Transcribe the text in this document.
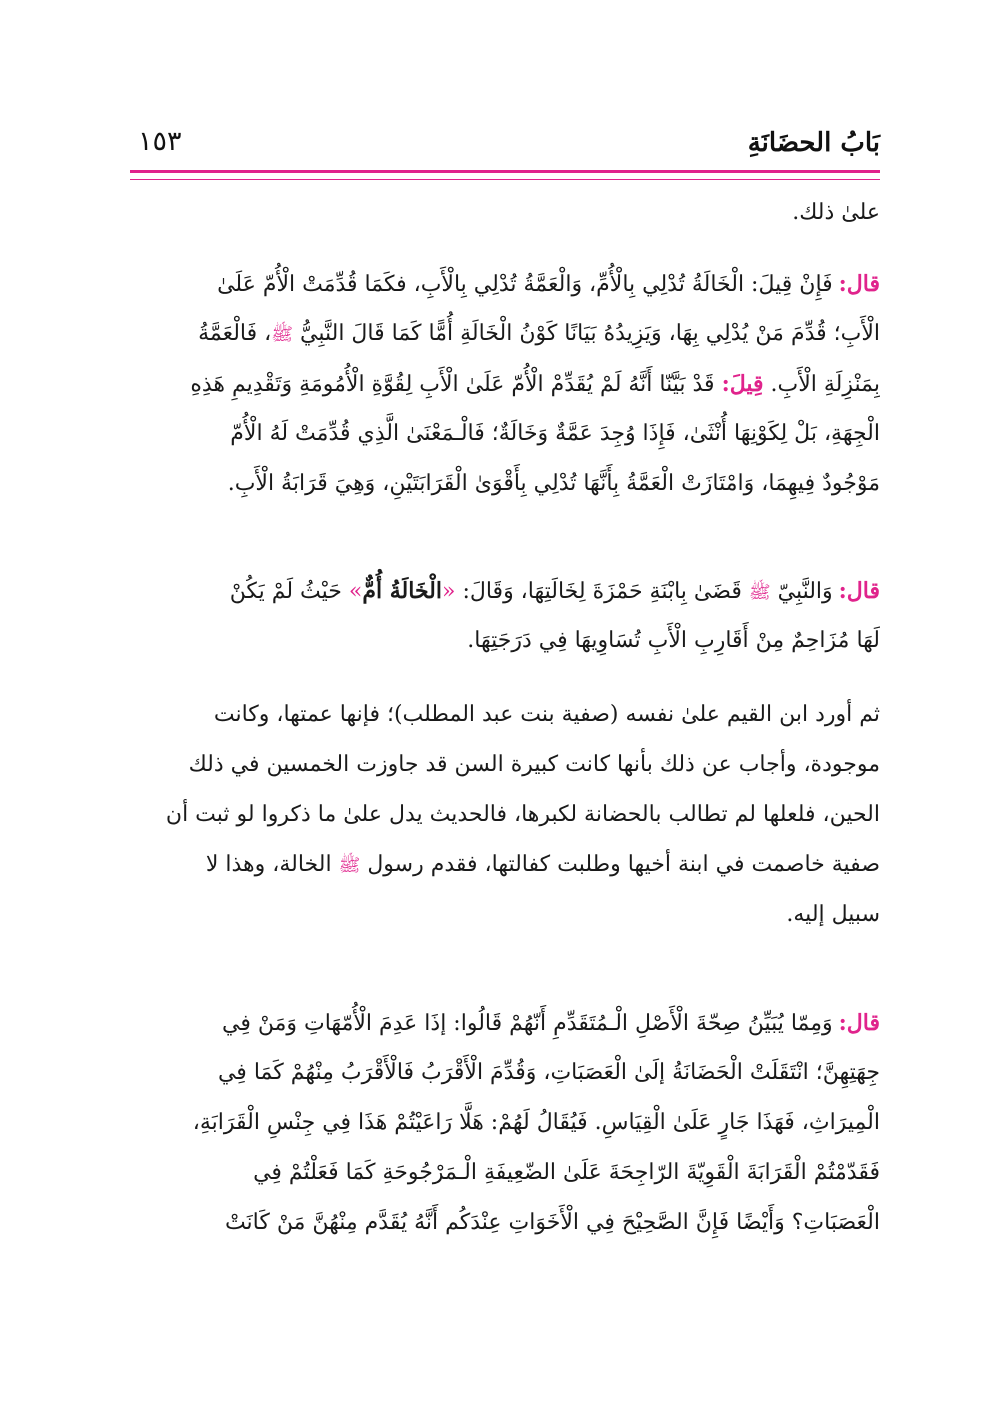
بَابُ الحضَانَةِ
١٥٣
علىٰ ذلك.
قال:فَإِنْ قِيلَ: الْخَالَةُ تُدْلِي بِالْأُمِّ، وَالْعَمَّةُ تُدْلِي بِالْأَبِ، فكَمَا قُدِّمَتْ الْأُمّ عَلَىٰ
الْأَبِ؛ قُدِّمَ مَنْ يُدْلِي بِهَا، وَيَزِيدُهُ بَيَانًا كَوْنُ الْخَالَةِ أُمًّا كَمَا قَالَ النَّبِيُّ ﷺ، فَالْعَمَّةُ
بِمَنْزِلَةِ الْأَبِ. قِيلَ: قَدْ بَيَّنّا أَنَّهُ لَمْ يُقَدِّمْ الْأُمّ عَلَىٰ الْأَبِ لِقُوَّةِ الْأُمُومَةِ وَتَقْدِيمِ هَذِهِ
الْجِهَةِ، بَلْ لِكَوْنِهَا أُنْثَىٰ، فَإِذَا وُجِدَ عَمَّةٌ وَخَالَةٌ؛ فَالْـمَعْنَىٰ الَّذِي قُدِّمَتْ لَهُ الْأُمّ
مَوْجُودٌ فِيهِمَا، وَامْتَازَتْ الْعَمَّةُ بِأَنَّهَا تُدْلِي بِأَقْوَىٰ الْقَرَابَتَيْنِ، وَهِيَ قَرَابَةُ الْأَبِ.
قال:وَالنَّبِيّ ﷺ قَضَىٰ بِابْنَةِ حَمْزَةَ لِخَالَتِهَا، وَقَالَ: «الْخَالَةُ أُمٌّ» حَيْثُ لَمْ يَكُنْ
لَهَا مُزَاحِمٌ مِنْ أَقَارِبِ الْأَبِ تُسَاوِيهَا فِي دَرَجَتِهَا.
ثم أورد ابن القيم علىٰ نفسه (صفية بنت عبد المطلب)؛ فإنها عمتها، وكانت
موجودة، وأجاب عن ذلك بأنها كانت كبيرة السن قد جاوزت الخمسين في ذلك
الحين، فلعلها لم تطالب بالحضانة لكبرها، فالحديث يدل علىٰ ما ذكروا لو ثبت أن
صفية خاصمت في ابنة أخيها وطلبت كفالتها، فقدم رسول ﷺ الخالة، وهذا لا
سبيل إليه.
قال:وَمِمّا يُبَيِّنُ صِحّةَ الْأَصْلِ الْـمُتَقَدِّمِ أَنّهُمْ قَالُوا: إذَا عَدِمَ الْأُمّهَاتِ وَمَنْ فِي
جِهَتِهِنَّ؛ انْتَقَلَتْ الْحَضَانَةُ إلَىٰ الْعَصَبَاتِ، وَقُدِّمَ الْأَقْرَبُ فَالْأَقْرَبُ مِنْهُمْ كَمَا فِي
الْمِيرَاثِ، فَهَذَا جَارٍ عَلَىٰ الْقِيَاسِ. فَيُقَالُ لَهُمْ: هَلَّا رَاعَيْتُمْ هَذَا فِي جِنْسِ الْقَرَابَةِ،
فَقَدّمْتُمْ الْقَرَابَةَ الْقَوِيّةَ الرّاجِحَةَ عَلَىٰ الضّعِيفَةِ الْـمَرْجُوحَةِ كَمَا فَعَلْتُمْ فِي
الْعَصَبَاتِ؟ وَأَيْضًا فَإِنَّ الصَّحِيْحَ فِي الْأَخَوَاتِ عِنْدَكُم أَنَّهُ يُقَدَّم مِنْهُنَّ مَنْ كَانَتْ
